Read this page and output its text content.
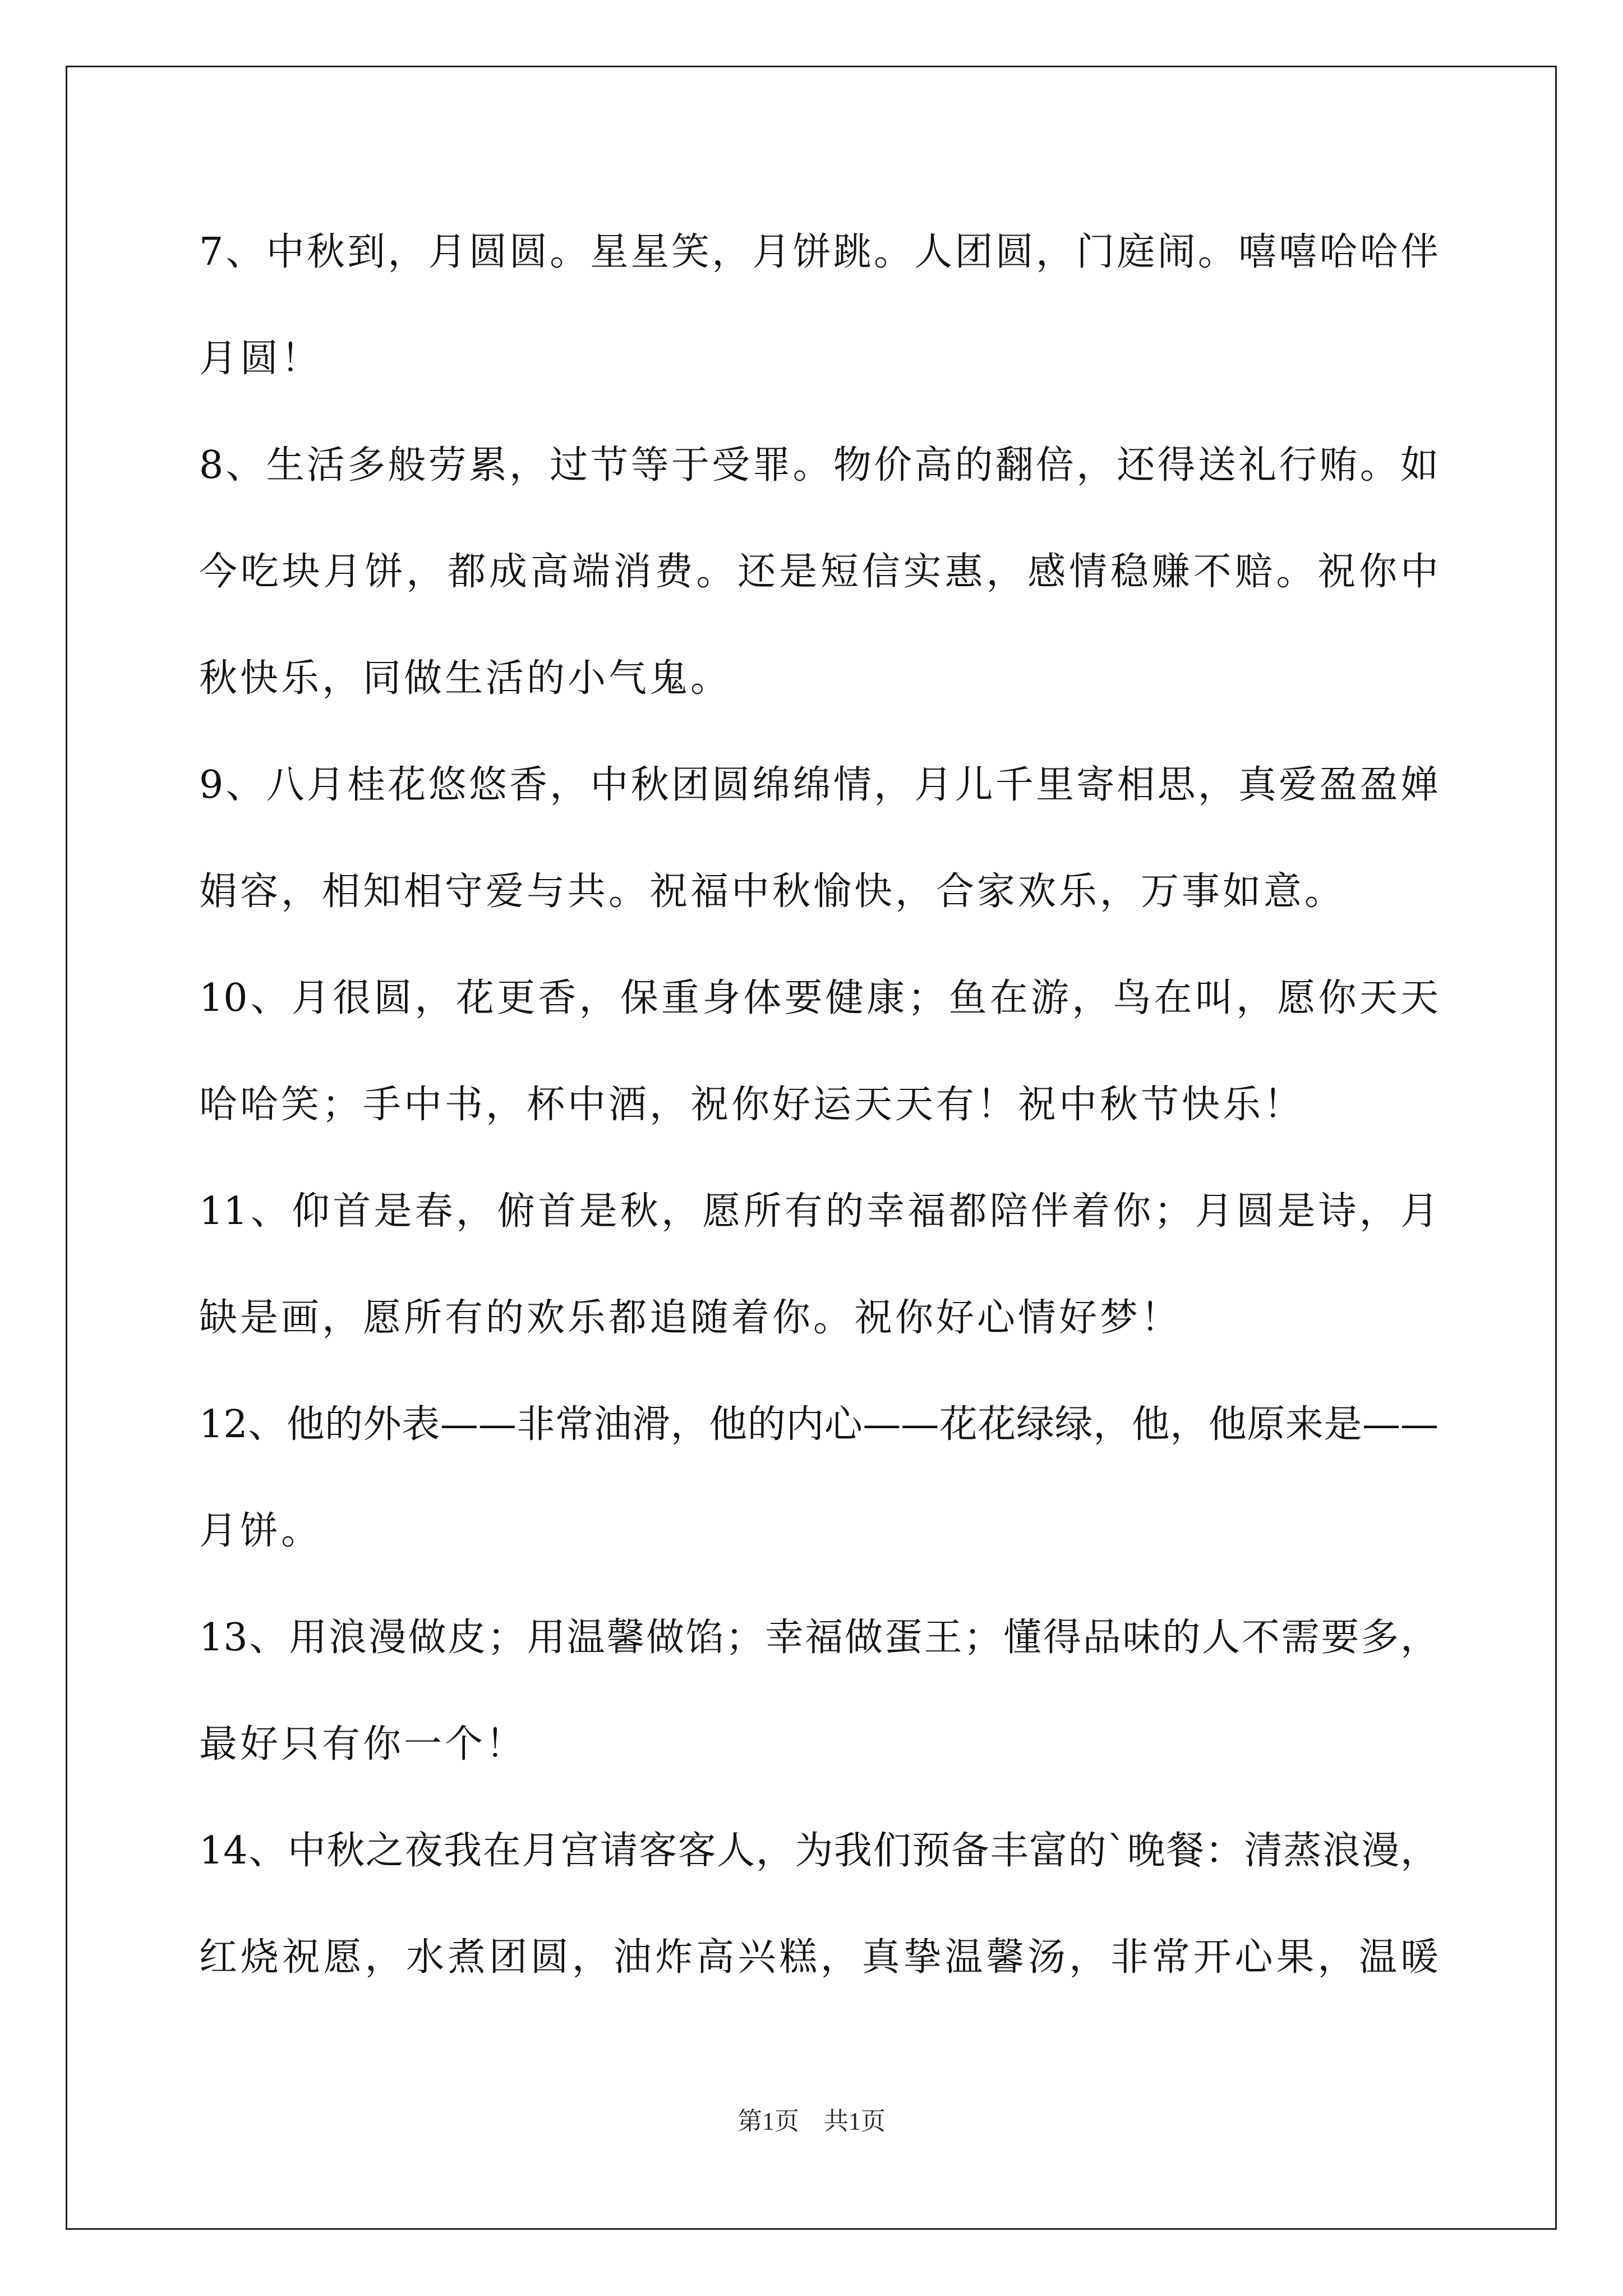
7、中秋到，月圆圆。星星笑，月饼跳。人团圆，门庭闹。嘻嘻哈哈伴
月圆！
8、生活多般劳累，过节等于受罪。物价高的翻倍，还得送礼行贿。如
今吃块月饼，都成高端消费。还是短信实惠，感情稳赚不赔。祝你中
秋快乐，同做生活的小气鬼。
9、八月桂花悠悠香，中秋团圆绵绵情，月儿千里寄相思，真爱盈盈婵
娟容，相知相守爱与共。祝福中秋愉快，合家欢乐，万事如意。
10、月很圆，花更香，保重身体要健康；鱼在游，鸟在叫，愿你天天
哈哈笑；手中书，杯中酒，祝你好运天天有！祝中秋节快乐！
11、仰首是春，俯首是秋，愿所有的幸福都陪伴着你；月圆是诗，月
缺是画，愿所有的欢乐都追随着你。祝你好心情好梦！
12、他的外表——非常油滑，他的内心——花花绿绿，他，他原来是——
月饼。
13、用浪漫做皮；用温馨做馅；幸福做蛋王；懂得品味的人不需要多，
最好只有你一个！
14、中秋之夜我在月宫请客客人，为我们预备丰富的`晚餐：清蒸浪漫，
红烧祝愿，水煮团圆，油炸高兴糕，真挚温馨汤，非常开心果，温暖
第1页 共1页
